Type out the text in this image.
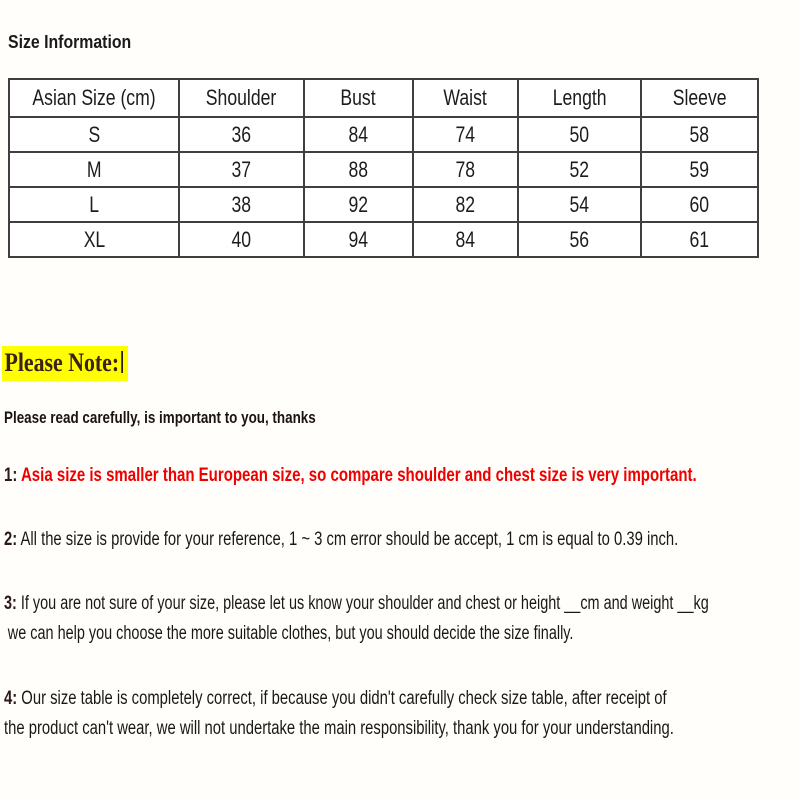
Size Information
Asian Size (cm)	Shoulder	Bust	Waist	Length	Sleeve
S	36	84	74	50	58
M	37	88	78	52	59
L	38	92	82	54	60
XL	40	94	84	56	61

Please Note:

Please read carefully, is important to you, thanks

1: Asia size is smaller than European size, so compare shoulder and chest size is very important.

2: All the size is provide for your reference, 1 ~ 3 cm error should be accept, 1 cm is equal to 0.39 inch.

3: If you are not sure of your size, please let us know your shoulder and chest or height __cm and weight __kg
we can help you choose the more suitable clothes, but you should decide the size finally.

4: Our size table is completely correct, if because you didn't carefully check size table, after receipt of
the product can't wear, we will not undertake the main responsibility, thank you for your understanding.
